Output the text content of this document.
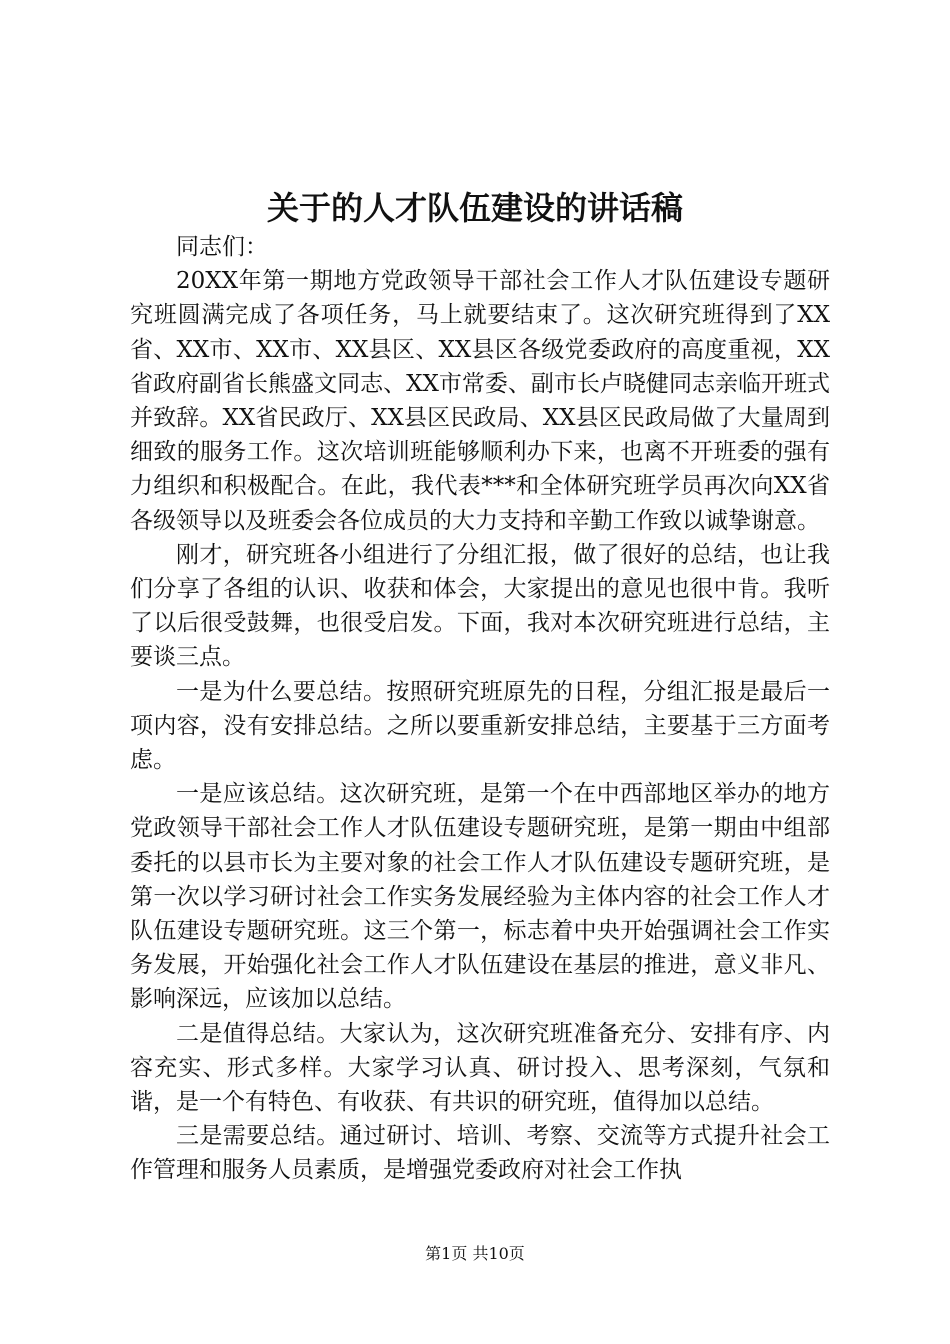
关于的人才队伍建设的讲话稿

同志们：

20XX年第一期地方党政领导干部社会工作人才队伍建设专题研究班圆满完成了各项任务，马上就要结束了。这次研究班得到了XX省、XX市、XX市、XX县区、XX县区各级党委政府的高度重视，XX省政府副省长熊盛文同志、XX市常委、副市长卢晓健同志亲临开班式并致辞。XX省民政厅、XX县区民政局、XX县区民政局做了大量周到细致的服务工作。这次培训班能够顺利办下来，也离不开班委的强有力组织和积极配合。在此，我代表***和全体研究班学员再次向XX省各级领导以及班委会各位成员的大力支持和辛勤工作致以诚挚谢意。

刚才，研究班各小组进行了分组汇报，做了很好的总结，也让我们分享了各组的认识、收获和体会，大家提出的意见也很中肯。我听了以后很受鼓舞，也很受启发。下面，我对本次研究班进行总结，主要谈三点。

一是为什么要总结。按照研究班原先的日程，分组汇报是最后一项内容，没有安排总结。之所以要重新安排总结，主要基于三方面考虑。

一是应该总结。这次研究班，是第一个在中西部地区举办的地方党政领导干部社会工作人才队伍建设专题研究班，是第一期由中组部委托的以县市长为主要对象的社会工作人才队伍建设专题研究班，是第一次以学习研讨社会工作实务发展经验为主体内容的社会工作人才队伍建设专题研究班。这三个第一，标志着中央开始强调社会工作实务发展，开始强化社会工作人才队伍建设在基层的推进，意义非凡、影响深远，应该加以总结。

二是值得总结。大家认为，这次研究班准备充分、安排有序、内容充实、形式多样。大家学习认真、研讨投入、思考深刻，气氛和谐，是一个有特色、有收获、有共识的研究班，值得加以总结。

三是需要总结。通过研讨、培训、考察、交流等方式提升社会工作管理和服务人员素质，是增强党委政府对社会工作执

第1页 共10页
